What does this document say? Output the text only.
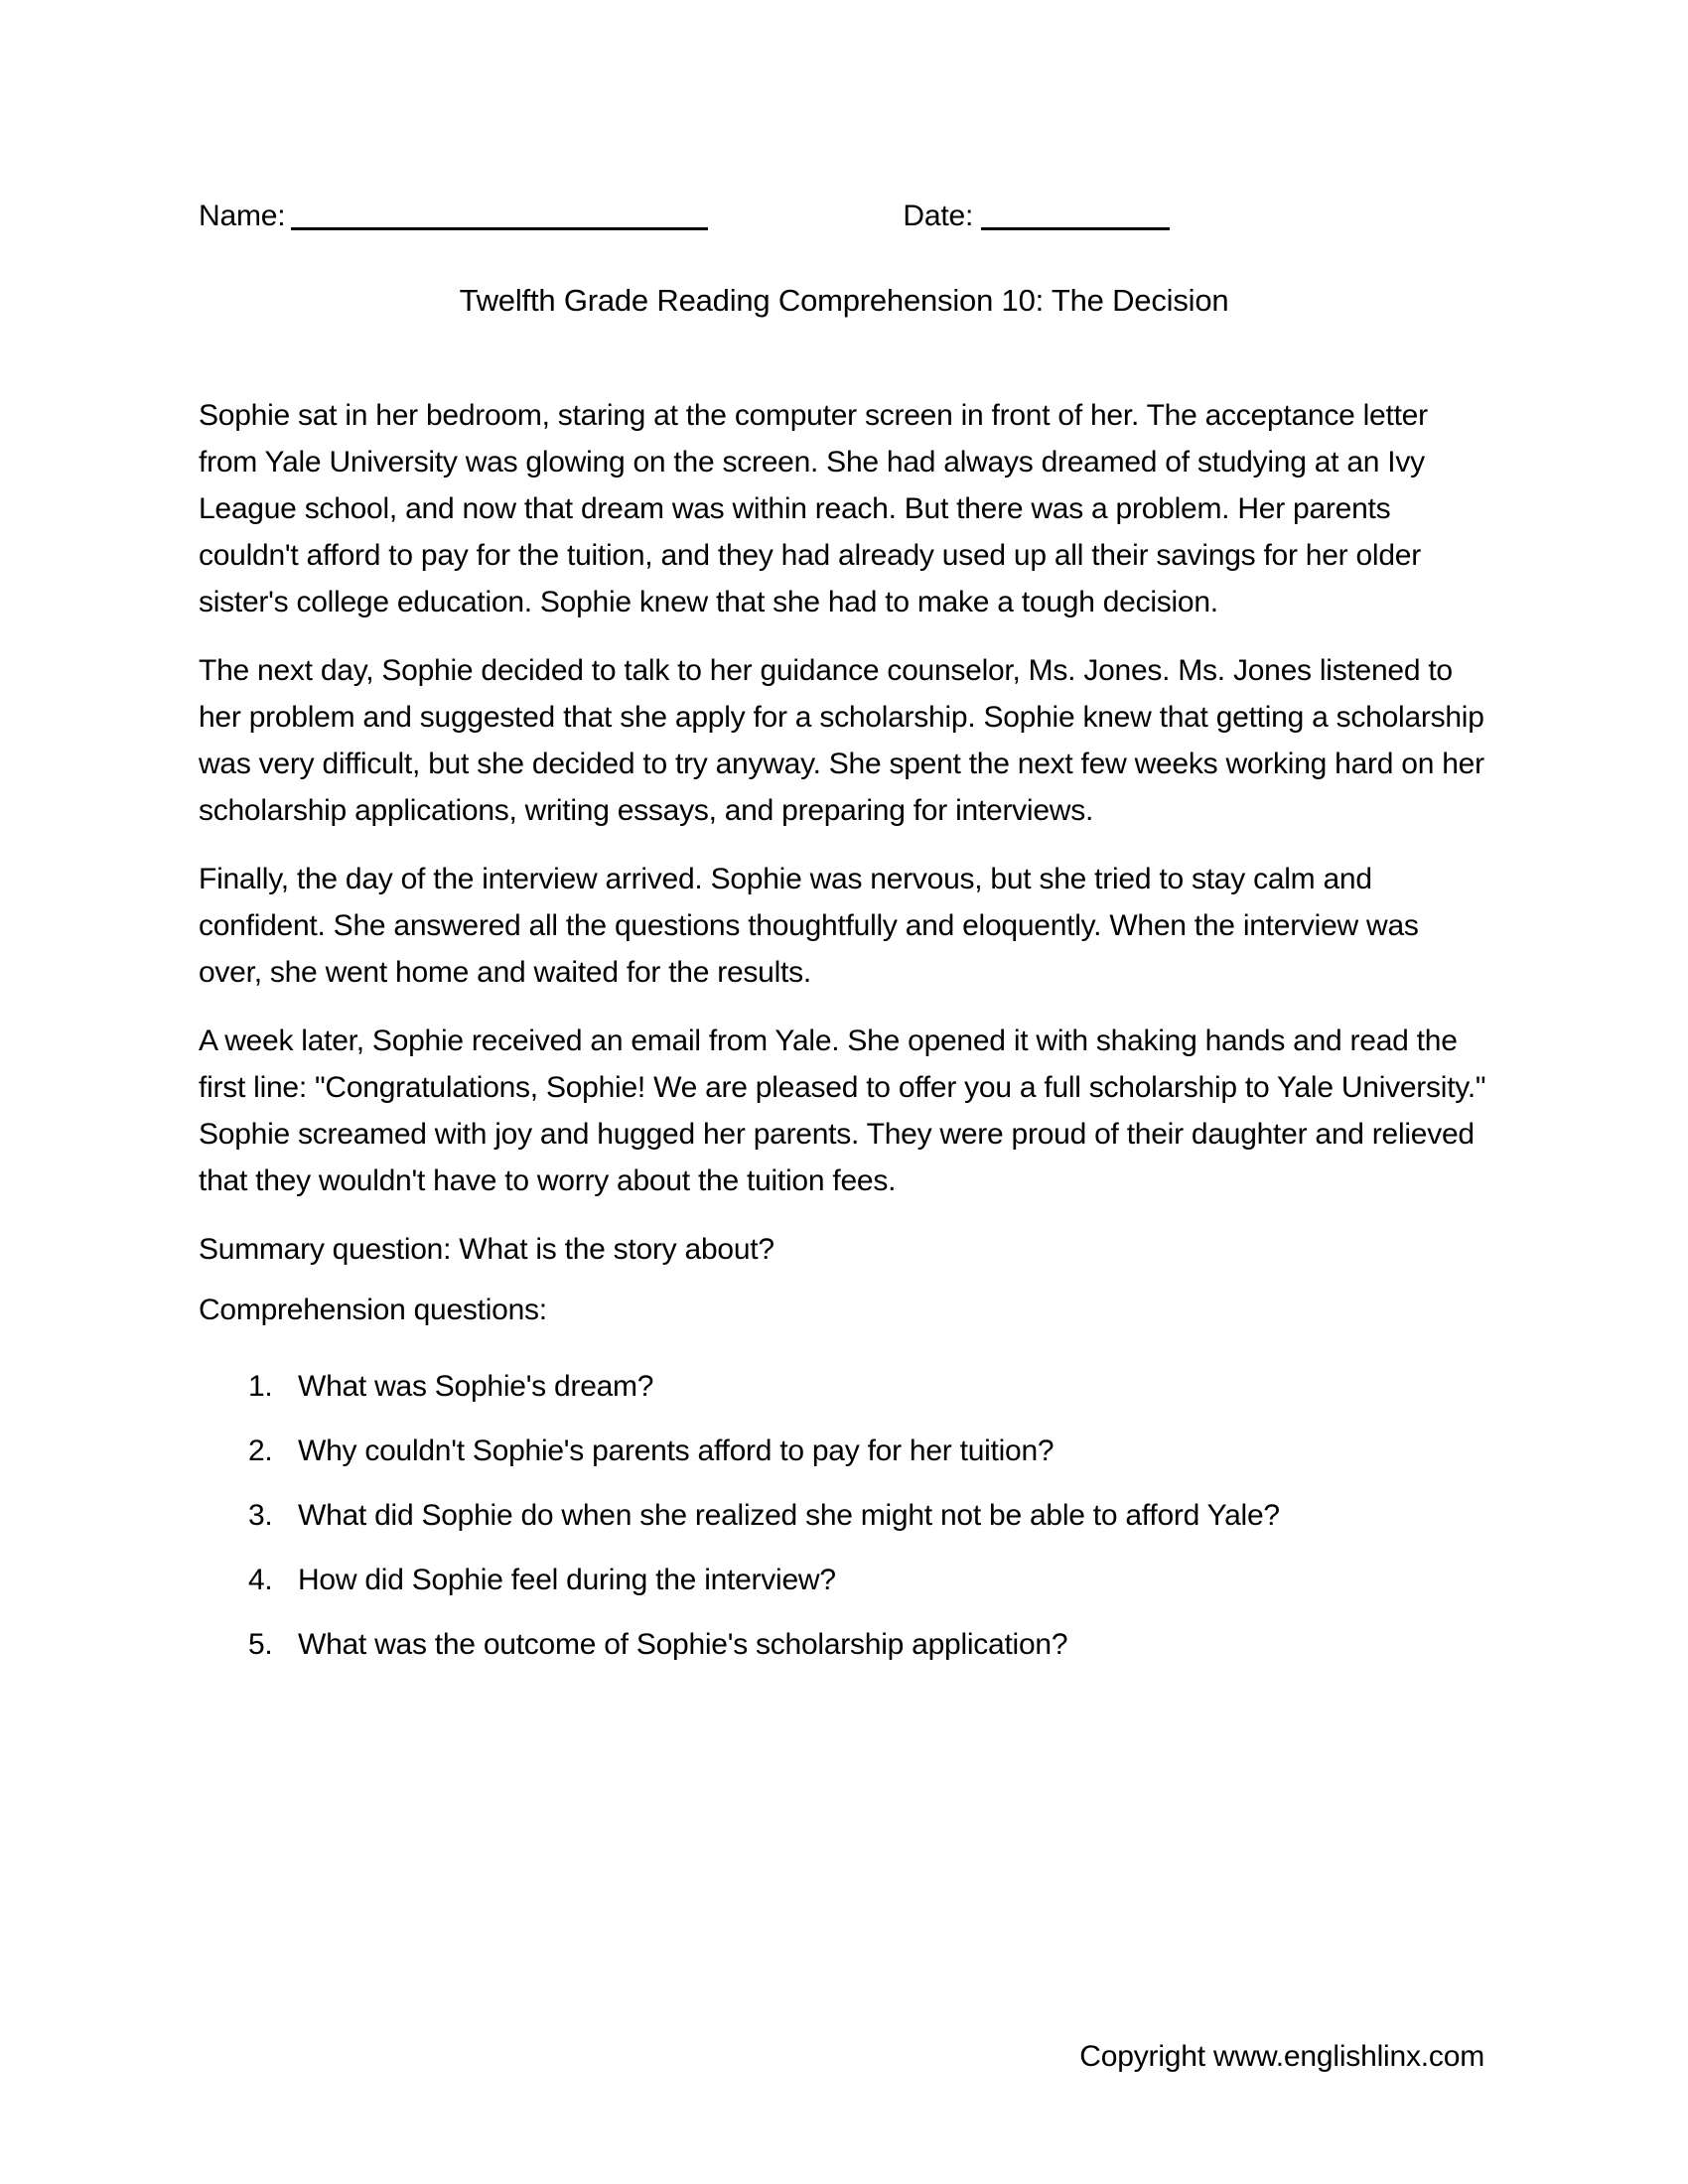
Name:	Date:
Twelfth Grade Reading Comprehension 10: The Decision

Sophie sat in her bedroom, staring at the computer screen in front of her. The acceptance letter from Yale University was glowing on the screen. She had always dreamed of studying at an Ivy League school, and now that dream was within reach. But there was a problem. Her parents couldn't afford to pay for the tuition, and they had already used up all their savings for her older sister's college education. Sophie knew that she had to make a tough decision.

The next day, Sophie decided to talk to her guidance counselor, Ms. Jones. Ms. Jones listened to her problem and suggested that she apply for a scholarship. Sophie knew that getting a scholarship was very difficult, but she decided to try anyway. She spent the next few weeks working hard on her scholarship applications, writing essays, and preparing for interviews.

Finally, the day of the interview arrived. Sophie was nervous, but she tried to stay calm and confident. She answered all the questions thoughtfully and eloquently. When the interview was over, she went home and waited for the results.

A week later, Sophie received an email from Yale. She opened it with shaking hands and read the first line: "Congratulations, Sophie! We are pleased to offer you a full scholarship to Yale University." Sophie screamed with joy and hugged her parents. They were proud of their daughter and relieved that they wouldn't have to worry about the tuition fees.

Summary question: What is the story about?

Comprehension questions:

1. What was Sophie's dream?
2. Why couldn't Sophie's parents afford to pay for her tuition?
3. What did Sophie do when she realized she might not be able to afford Yale?
4. How did Sophie feel during the interview?
5. What was the outcome of Sophie's scholarship application?
Copyright www.englishlinx.com
